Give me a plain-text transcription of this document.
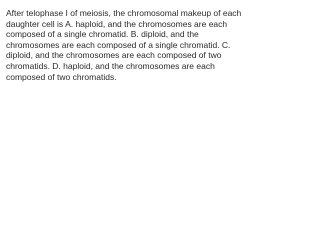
After telophase I of meiosis, the chromosomal makeup of each
daughter cell is A. haploid, and the chromosomes are each
composed of a single chromatid. B. diploid, and the
chromosomes are each composed of a single chromatid. C.
diploid, and the chromosomes are each composed of two
chromatids. D. haploid, and the chromosomes are each
composed of two chromatids.
